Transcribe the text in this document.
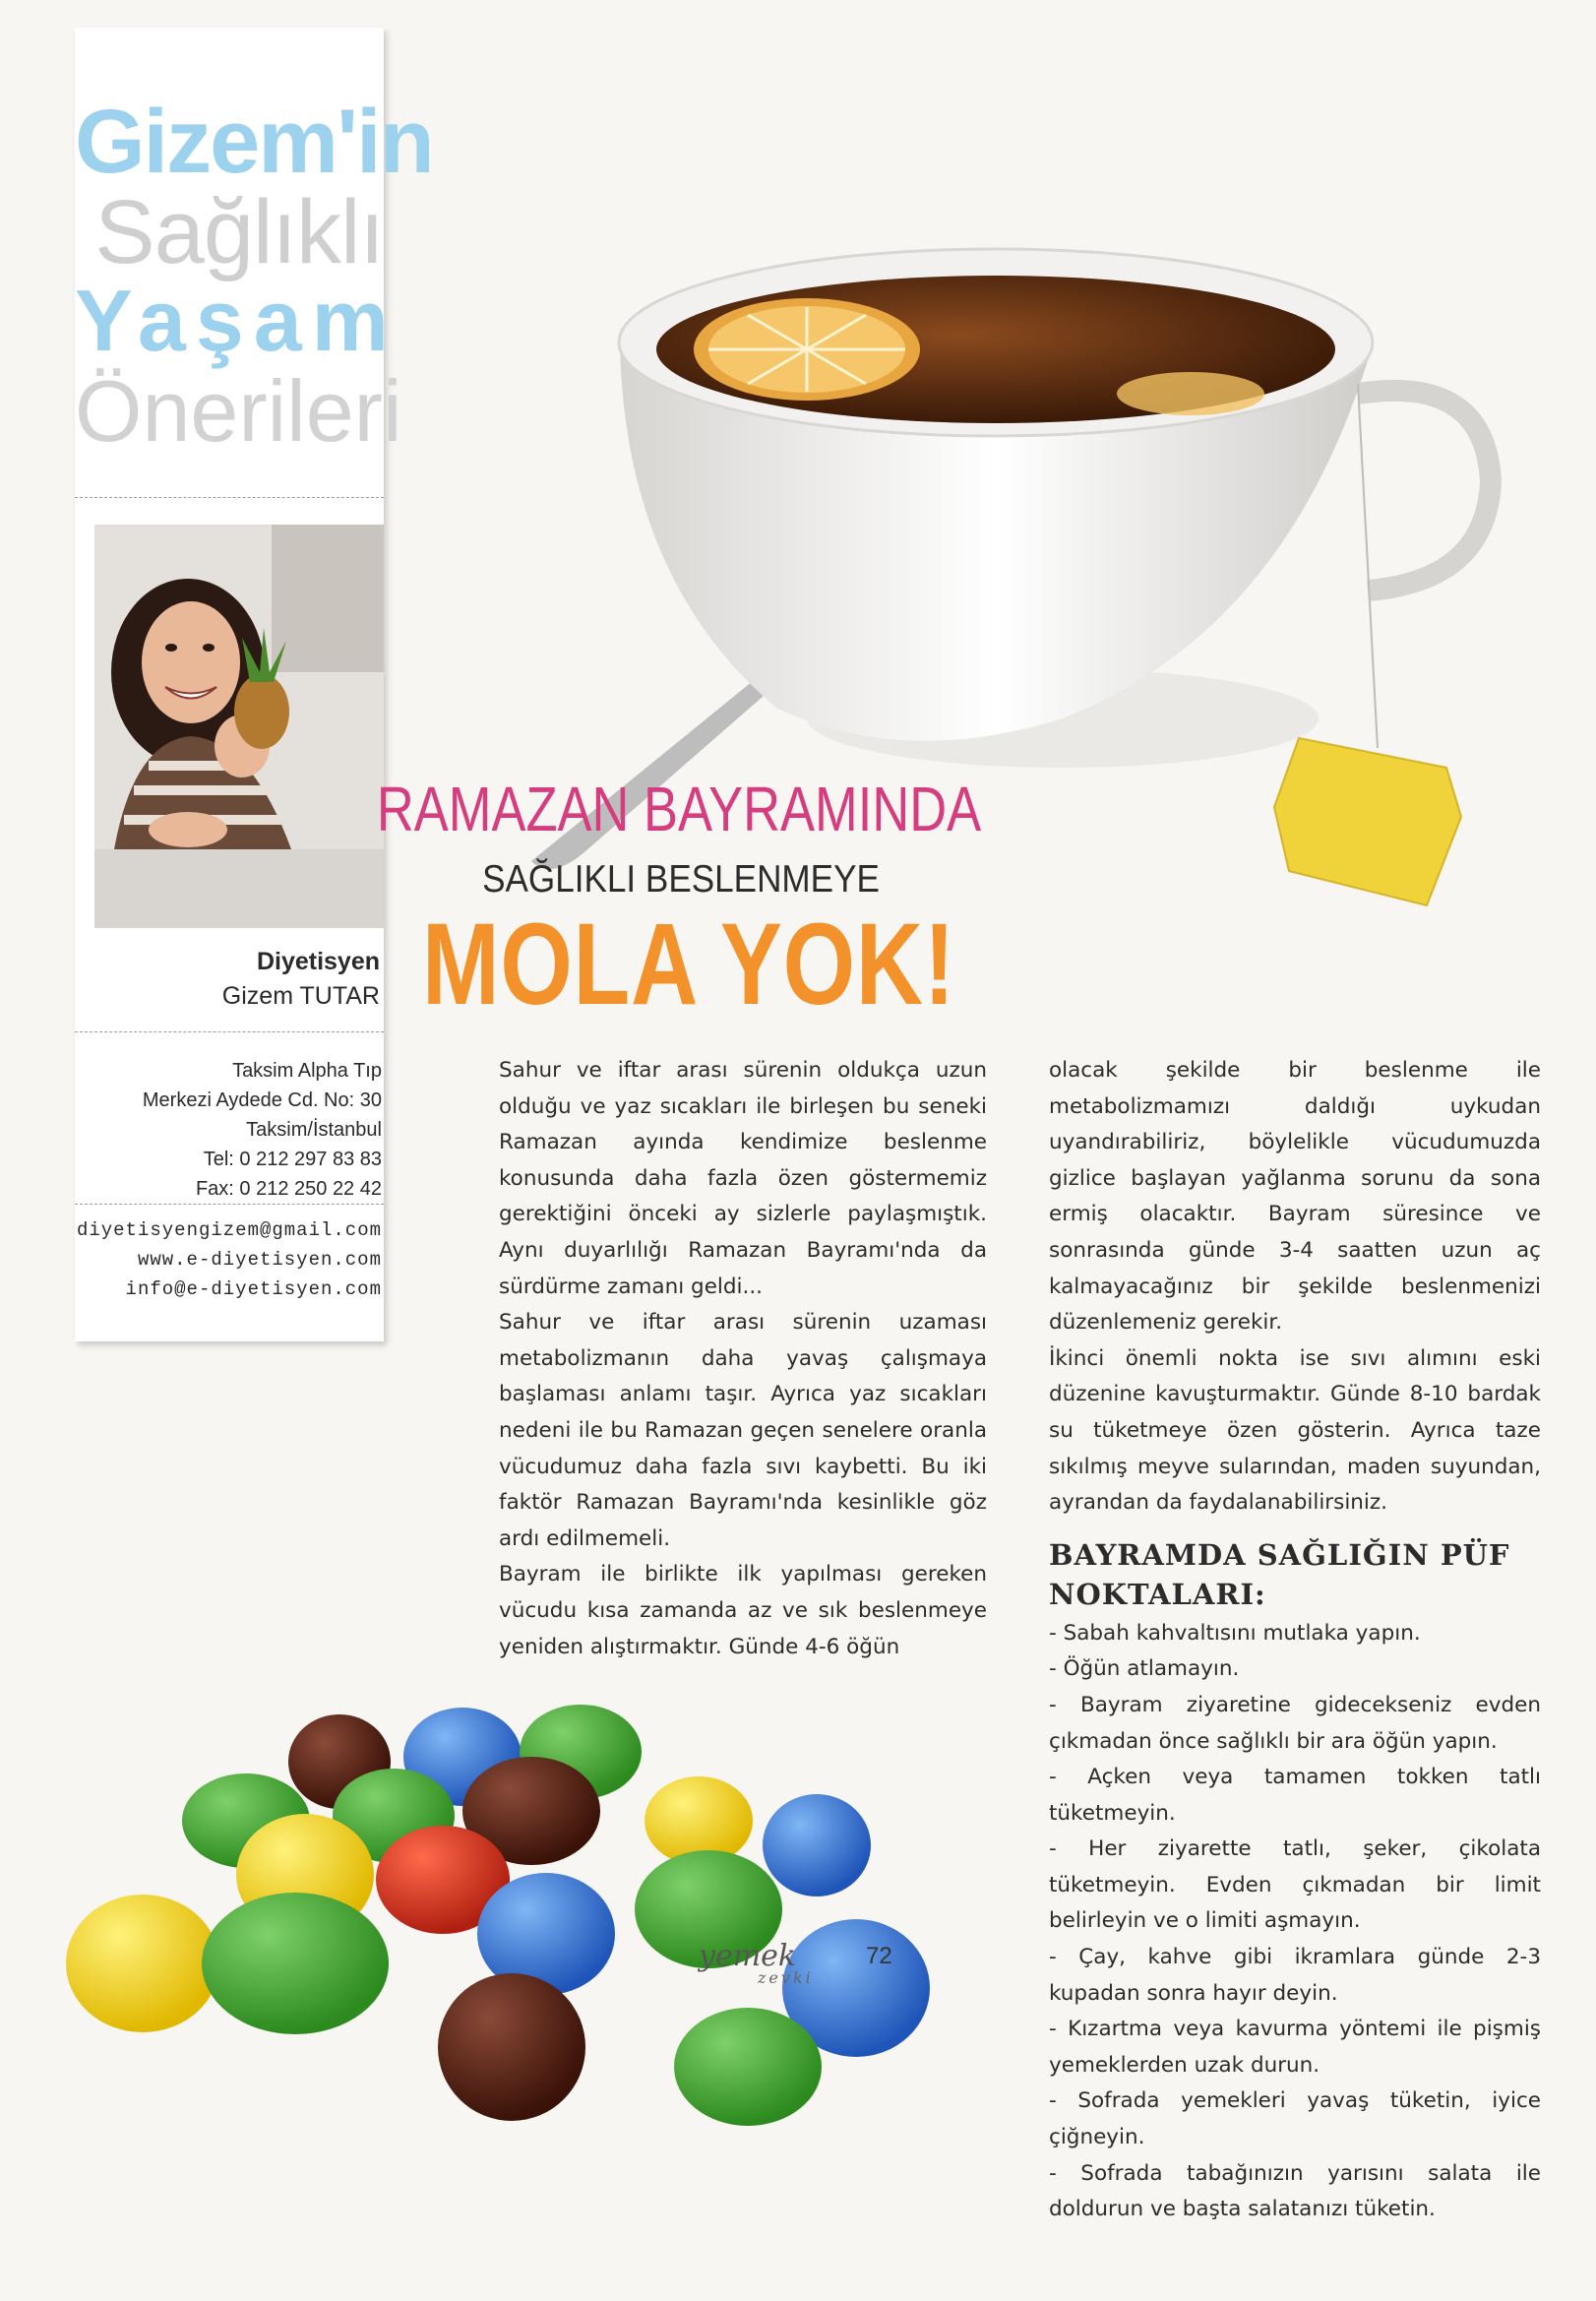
Gizem'in
Sağlıklı
Yaşam
Önerileri
Diyetisyen
Gizem TUTAR
Taksim Alpha Tıp
Merkezi Aydede Cd. No: 30
Taksim/İstanbul
Tel: 0 212 297 83 83
Fax: 0 212 250 22 42
diyetisyengizem@gmail.com
www.e-diyetisyen.com
info@e-diyetisyen.com
RAMAZAN BAYRAMINDA
SAĞLIKLI BESLENMEYE
MOLA YOK!

Sahur ve iftar arası sürenin oldukça uzun olduğu ve yaz sıcakları ile birleşen bu seneki Ramazan ayında kendimize beslenme konusunda daha fazla özen göstermemiz gerektiğini önceki ay sizlerle paylaşmıştık. Aynı duyarlılığı Ramazan Bayramı'nda da sürdürme zamanı geldi...

Sahur ve iftar arası sürenin uzaması metabolizmanın daha yavaş çalışmaya başlaması anlamı taşır. Ayrıca yaz sıcakları nedeni ile bu Ramazan geçen senelere oranla vücudumuz daha fazla sıvı kaybetti. Bu iki faktör Ramazan Bayramı'nda kesinlikle göz ardı edilmemeli.

Bayram ile birlikte ilk yapılması gereken vücudu kısa zamanda az ve sık beslenmeye yeniden alıştırmaktır. Günde 4-6 öğün

olacak şekilde bir beslenme ile metabolizmamızı daldığı uykudan uyandırabiliriz, böylelikle vücudumuzda gizlice başlayan yağlanma sorunu da sona ermiş olacaktır. Bayram süresince ve sonrasında günde 3-4 saatten uzun aç kalmayacağınız bir şekilde beslenmenizi düzenlemeniz gerekir.

İkinci önemli nokta ise sıvı alımını eski düzenine kavuşturmaktır. Günde 8-10 bardak su tüketmeye özen gösterin. Ayrıca taze sıkılmış meyve sularından, maden suyundan, ayrandan da faydalanabilirsiniz.

BAYRAMDA SAĞLIĞIN PÜF NOKTALARI:

- Sabah kahvaltısını mutlaka yapın.

- Öğün atlamayın.

- Bayram ziyaretine gidecekseniz evden çıkmadan önce sağlıklı bir ara öğün yapın.

- Açken veya tamamen tokken tatlı tüketmeyin.

- Her ziyarette tatlı, şeker, çikolata tüketmeyin. Evden çıkmadan bir limit belirleyin ve o limiti aşmayın.

- Çay, kahve gibi ikramlara günde 2-3 kupadan sonra hayır deyin.

- Kızartma veya kavurma yöntemi ile pişmiş yemeklerden uzak durun.

- Sofrada yemekleri yavaş tüketin, iyice çiğneyin.

- Sofrada tabağınızın yarısını salata ile doldurun ve başta salatanızı tüketin.

yemek
zevki
72
